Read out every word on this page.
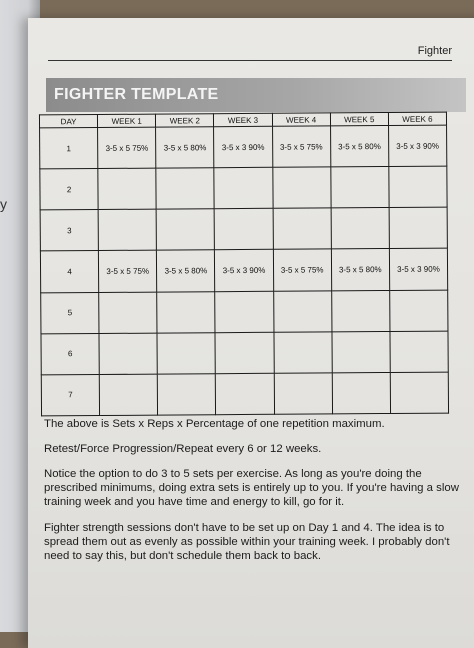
y
Fighter
FIGHTER TEMPLATE
DAY	WEEK 1	WEEK 2	WEEK 3	WEEK 4	WEEK 5	WEEK 6
1	3-5 x 5 75%	3-5 x 5 80%	3-5 x 3 90%	3-5 x 5 75%	3-5 x 5 80%	3-5 x 3 90%
2						
3						
4	3-5 x 5 75%	3-5 x 5 80%	3-5 x 3 90%	3-5 x 5 75%	3-5 x 5 80%	3-5 x 3 90%
5						
6						
7						

The above is Sets x Reps x Percentage of one repetition maximum.

Retest/Force Progression/Repeat every 6 or 12 weeks.

Notice the option to do 3 to 5 sets per exercise. As long as you're doing the prescribed minimums, doing extra sets is entirely up to you. If you're having a slow training week and you have time and energy to kill, go for it.

Fighter strength sessions don't have to be set up on Day 1 and 4. The idea is to spread them out as evenly as possible within your training week. I probably don't need to say this, but don't schedule them back to back.
